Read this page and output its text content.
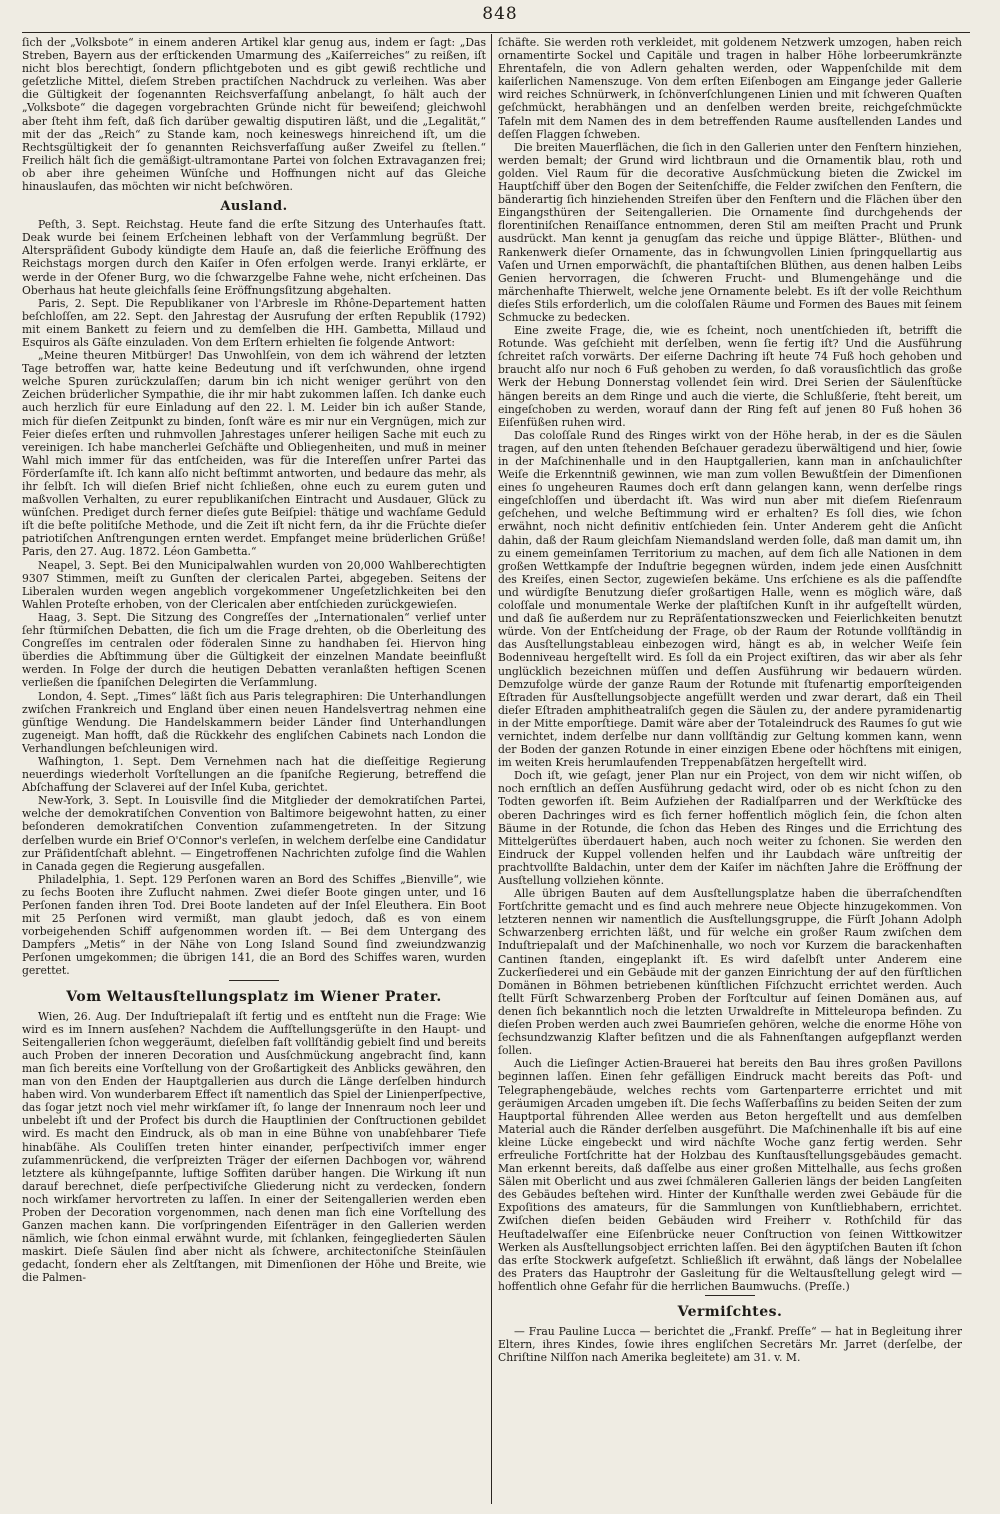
848

ſich der „Volksbote“ in einem anderen Artikel klar genug aus, indem er ſagt: „Das Streben, Bayern aus der erſtickenden Umarmung des „Kaiſerreiches“ zu reißen, iſt nicht blos berechtigt, ſondern pflichtgeboten und es gibt gewiß rechtliche und geſetzliche Mittel, dieſem Streben practiſchen Nachdruck zu verleihen. Was aber die Gültigkeit der ſogenannten Reichsverfaſſung anbelangt, ſo hält auch der „Volksbote“ die dagegen vorgebrachten Gründe nicht für beweiſend; gleichwohl aber ſteht ihm feſt, daß ſich darüber gewaltig disputiren läßt, und die „Legalität,“ mit der das „Reich“ zu Stande kam, noch keineswegs hinreichend iſt, um die Rechtsgültigkeit der ſo genannten Reichsverfaſſung außer Zweifel zu ſtellen.“ Freilich hält ſich die gemäßigt-ultramontane Partei von ſolchen Extravaganzen frei; ob aber ihre geheimen Wünſche und Hoffnungen nicht auf das Gleiche hinauslaufen, das möchten wir nicht beſchwören.

Ausland.

Peſth, 3. Sept. Reichstag. Heute fand die erſte Sitzung des Unterhauſes ſtatt. Deak wurde bei ſeinem Erſcheinen lebhaft von der Verſammlung begrüßt. Der Alterspräſident Gubody kündigte dem Hauſe an, daß die feierliche Eröffnung des Reichstags morgen durch den Kaiſer in Ofen erfolgen werde. Iranyi erklärte, er werde in der Ofener Burg, wo die ſchwarzgelbe Fahne wehe, nicht erſcheinen. Das Oberhaus hat heute gleichfalls ſeine Eröffnungsſitzung abgehalten.

Paris, 2. Sept. Die Republikaner von l'Arbresle im Rhône-Departement hatten beſchloſſen, am 22. Sept. den Jahrestag der Ausrufung der erſten Republik (1792) mit einem Bankett zu feiern und zu demſelben die HH. Gambetta, Millaud und Esquiros als Gäſte einzuladen. Von dem Erſtern erhielten ſie folgende Antwort:

„Meine theuren Mitbürger! Das Unwohlſein, von dem ich während der letzten Tage betroffen war, hatte keine Bedeutung und iſt verſchwunden, ohne irgend welche Spuren zurückzulaſſen; darum bin ich nicht weniger gerührt von den Zeichen brüderlicher Sympathie, die ihr mir habt zukommen laſſen. Ich danke euch auch herzlich für eure Einladung auf den 22. l. M. Leider bin ich außer Stande, mich für dieſen Zeitpunkt zu binden, ſonſt wäre es mir nur ein Vergnügen, mich zur Feier dieſes erſten und ruhmvollen Jahrestages unſerer heiligen Sache mit euch zu vereinigen. Ich habe mancherlei Geſchäfte und Obliegenheiten, und muß in meiner Wahl mich immer für das entſcheiden, was für die Intereſſen unſrer Partei das Förderſamſte iſt. Ich kann alſo nicht beſtimmt antworten, und bedaure das mehr, als ihr ſelbſt. Ich will dieſen Brief nicht ſchließen, ohne euch zu eurem guten und maßvollen Verhalten, zu eurer republikaniſchen Eintracht und Ausdauer, Glück zu wünſchen. Prediget durch ferner dieſes gute Beiſpiel: thätige und wachſame Geduld iſt die beſte politiſche Methode, und die Zeit iſt nicht fern, da ihr die Früchte dieſer patriotiſchen Anſtrengungen ernten werdet. Empfanget meine brüderlichen Grüße! Paris, den 27. Aug. 1872. Léon Gambetta.“

Neapel, 3. Sept. Bei den Municipalwahlen wurden von 20,000 Wahlberechtigten 9307 Stimmen, meiſt zu Gunſten der clericalen Partei, abgegeben. Seitens der Liberalen wurden wegen angeblich vorgekommener Ungeſetzlichkeiten bei den Wahlen Proteſte erhoben, von der Clericalen aber entſchieden zurückgewieſen.

Haag, 3. Sept. Die Sitzung des Congreſſes der „Internationalen“ verlief unter ſehr ſtürmiſchen Debatten, die ſich um die Frage drehten, ob die Oberleitung des Congreſſes im centralen oder föderalen Sinne zu handhaben ſei. Hiervon hing überdies die Abſtimmung über die Gültigkeit der einzelnen Mandate beeinflußt werden. In Folge der durch die heutigen Debatten veranlaßten heftigen Scenen verließen die ſpaniſchen Delegirten die Verſammlung.

London, 4. Sept. „Times“ läßt ſich aus Paris telegraphiren: Die Unterhandlungen zwiſchen Frankreich und England über einen neuen Handelsvertrag nehmen eine günſtige Wendung. Die Handelskammern beider Länder ſind Unterhandlungen zugeneigt. Man hofft, daß die Rückkehr des engliſchen Cabinets nach London die Verhandlungen beſchleunigen wird.

Waſhington, 1. Sept. Dem Vernehmen nach hat die dieſſeitige Regierung neuerdings wiederholt Vorſtellungen an die ſpaniſche Regierung, betreffend die Abſchaffung der Sclaverei auf der Inſel Kuba, gerichtet.

New-York, 3. Sept. In Louisville ſind die Mitglieder der demokratiſchen Partei, welche der demokratiſchen Convention von Baltimore beigewohnt hatten, zu einer beſonderen demokratiſchen Convention zuſammengetreten. In der Sitzung derſelben wurde ein Brief O'Connor's verleſen, in welchem derſelbe eine Candidatur zur Präſidentſchaft ablehnt. — Eingetroffenen Nachrichten zufolge ſind die Wahlen in Canada gegen die Regierung ausgefallen.

Philadelphia, 1. Sept. 129 Perſonen waren an Bord des Schiffes „Bienville“, wie zu ſechs Booten ihre Zuflucht nahmen. Zwei dieſer Boote gingen unter, und 16 Perſonen fanden ihren Tod. Drei Boote landeten auf der Inſel Eleuthera. Ein Boot mit 25 Perſonen wird vermißt, man glaubt jedoch, daß es von einem vorbeigehenden Schiff aufgenommen worden iſt. — Bei dem Untergang des Dampfers „Metis“ in der Nähe von Long Island Sound ſind zweiundzwanzig Perſonen umgekommen; die übrigen 141, die an Bord des Schiffes waren, wurden gerettet.

Vom Weltausſtellungsplatz im Wiener Prater.

Wien, 26. Aug. Der Induſtriepalaſt iſt fertig und es entſteht nun die Frage: Wie wird es im Innern ausſehen? Nachdem die Aufſtellungsgerüſte in den Haupt- und Seitengallerien ſchon weggeräumt, dieſelben faſt vollſtändig gebielt ſind und bereits auch Proben der inneren Decoration und Ausſchmückung angebracht ſind, kann man ſich bereits eine Vorſtellung von der Großartigkeit des Anblicks gewähren, den man von den Enden der Hauptgallerien aus durch die Länge derſelben hindurch haben wird. Von wunderbarem Effect iſt namentlich das Spiel der Linienperſpective, das ſogar jetzt noch viel mehr wirkſamer iſt, ſo lange der Innenraum noch leer und unbelebt iſt und der Profect bis durch die Hauptlinien der Conſtructionen gebildet wird. Es macht den Eindruck, als ob man in eine Bühne von unabſehbarer Tiefe hinabſähe. Als Couliſſen treten hinter einander, perſpectiviſch immer enger zuſammenrückend, die verſpreizten Träger der eiſernen Dachbogen vor, während letztere als kühngeſpannte, luftige Soffiten darüber hangen. Die Wirkung iſt nun darauf berechnet, dieſe perſpectiviſche Gliederung nicht zu verdecken, ſondern noch wirkſamer hervortreten zu laſſen. In einer der Seitengallerien werden eben Proben der Decoration vorgenommen, nach denen man ſich eine Vorſtellung des Ganzen machen kann. Die vorſpringenden Eiſenträger in den Gallerien werden nämlich, wie ſchon einmal erwähnt wurde, mit ſchlanken, feingegliederten Säulen maskirt. Dieſe Säulen ſind aber nicht als ſchwere, architectoniſche Steinſäulen gedacht, ſondern eher als Zeltſtangen, mit Dimenſionen der Höhe und Breite, wie die Palmen-

ſchäfte. Sie werden roth verkleidet, mit goldenem Netzwerk umzogen, haben reich ornamentirte Sockel und Capitäle und tragen in halber Höhe lorbeerumkränzte Ehrentafeln, die von Adlern gehalten werden, oder Wappenſchilde mit dem kaiſerlichen Namenszuge. Von dem erſten Eiſenbogen am Eingange jeder Gallerie wird reiches Schnürwerk, in ſchönverſchlungenen Linien und mit ſchweren Quaſten geſchmückt, herabhängen und an denſelben werden breite, reichgeſchmückte Tafeln mit dem Namen des in dem betreffenden Raume ausſtellenden Landes und deſſen Flaggen ſchweben.

Die breiten Mauerflächen, die ſich in den Gallerien unter den Fenſtern hinziehen, werden bemalt; der Grund wird lichtbraun und die Ornamentik blau, roth und golden. Viel Raum für die decorative Ausſchmückung bieten die Zwickel im Hauptſchiff über den Bogen der Seitenſchiffe, die Felder zwiſchen den Fenſtern, die bänderartig ſich hinziehenden Streifen über den Fenſtern und die Flächen über den Eingangsthüren der Seitengallerien. Die Ornamente ſind durchgehends der florentiniſchen Renaiſſance entnommen, deren Stil am meiſten Pracht und Prunk ausdrückt. Man kennt ja genugſam das reiche und üppige Blätter-, Blüthen- und Rankenwerk dieſer Ornamente, das in ſchwungvollen Linien ſpringquellartig aus Vaſen und Urnen emporwächſt, die phantaſtiſchen Blüthen, aus denen halben Leibs Genien hervorragen, die ſchweren Frucht- und Blumengehänge und die märchenhafte Thierwelt, welche jene Ornamente belebt. Es iſt der volle Reichthum dieſes Stils erforderlich, um die coloſſalen Räume und Formen des Baues mit ſeinem Schmucke zu bedecken.

Eine zweite Frage, die, wie es ſcheint, noch unentſchieden iſt, betrifft die Rotunde. Was geſchieht mit derſelben, wenn ſie fertig iſt? Und die Ausführung ſchreitet raſch vorwärts. Der eiſerne Dachring iſt heute 74 Fuß hoch gehoben und braucht alſo nur noch 6 Fuß gehoben zu werden, ſo daß vorausſichtlich das große Werk der Hebung Donnerstag vollendet ſein wird. Drei Serien der Säulenſtücke hängen bereits an dem Ringe und auch die vierte, die Schlußſerie, ſteht bereit, um eingeſchoben zu werden, worauf dann der Ring feſt auf jenen 80 Fuß hohen 36 Eiſenfüßen ruhen wird.

Das coloſſale Rund des Ringes wirkt von der Höhe herab, in der es die Säulen tragen, auf den unten ſtehenden Beſchauer geradezu überwältigend und hier, ſowie in der Maſchinenhalle und in den Hauptgallerien, kann man in anſchaulichſter Weiſe die Erkenntniß gewinnen, wie man zum vollen Bewußtſein der Dimenſionen eines ſo ungeheuren Raumes doch erſt dann gelangen kann, wenn derſelbe rings eingeſchloſſen und überdacht iſt. Was wird nun aber mit dieſem Rieſenraum geſchehen, und welche Beſtimmung wird er erhalten? Es ſoll dies, wie ſchon erwähnt, noch nicht definitiv entſchieden ſein. Unter Anderem geht die Anſicht dahin, daß der Raum gleichſam Niemandsland werden ſolle, daß man damit um, ihn zu einem gemeinſamen Territorium zu machen, auf dem ſich alle Nationen in dem großen Wettkampfe der Induſtrie begegnen würden, indem jede einen Ausſchnitt des Kreiſes, einen Sector, zugewieſen bekäme. Uns erſchiene es als die paſſendſte und würdigſte Benutzung dieſer großartigen Halle, wenn es möglich wäre, daß coloſſale und monumentale Werke der plaſtiſchen Kunſt in ihr aufgeſtellt würden, und daß ſie außerdem nur zu Repräſentationszwecken und Feierlichkeiten benutzt würde. Von der Entſcheidung der Frage, ob der Raum der Rotunde vollſtändig in das Ausſtellungstableau einbezogen wird, hängt es ab, in welcher Weiſe ſein Bodenniveau hergeſtellt wird. Es ſoll da ein Project exiſtiren, das wir aber als ſehr unglücklich bezeichnen müſſen und deſſen Ausführung wir bedauern würden. Demzufolge würde der ganze Raum der Rotunde mit ſtufenartig emporſteigenden Eſtraden für Ausſtellungsobjecte angefüllt werden und zwar derart, daß ein Theil dieſer Eſtraden amphitheatraliſch gegen die Säulen zu, der andere pyramidenartig in der Mitte emporſtiege. Damit wäre aber der Totaleindruck des Raumes ſo gut wie vernichtet, indem derſelbe nur dann vollſtändig zur Geltung kommen kann, wenn der Boden der ganzen Rotunde in einer einzigen Ebene oder höchſtens mit einigen, im weiten Kreis herumlaufenden Treppenabſätzen hergeſtellt wird.

Doch iſt, wie geſagt, jener Plan nur ein Project, von dem wir nicht wiſſen, ob noch ernſtlich an deſſen Ausführung gedacht wird, oder ob es nicht ſchon zu den Todten geworfen iſt. Beim Aufziehen der Radialſparren und der Werkſtücke des oberen Dachringes wird es ſich ferner hoffentlich möglich ſein, die ſchon alten Bäume in der Rotunde, die ſchon das Heben des Ringes und die Errichtung des Mittelgerüſtes überdauert haben, auch noch weiter zu ſchonen. Sie werden den Eindruck der Kuppel vollenden helfen und ihr Laubdach wäre unſtreitig der prachtvollſte Baldachin, unter dem der Kaiſer im nächſten Jahre die Eröffnung der Ausſtellung vollziehen könnte.

Alle übrigen Bauten auf dem Ausſtellungsplatze haben die überraſchendſten Fortſchritte gemacht und es ſind auch mehrere neue Objecte hinzugekommen. Von letzteren nennen wir namentlich die Ausſtellungsgruppe, die Fürſt Johann Adolph Schwarzenberg errichten läßt, und für welche ein großer Raum zwiſchen dem Induſtriepalaſt und der Maſchinenhalle, wo noch vor Kurzem die barackenhaften Cantinen ſtanden, eingeplankt iſt. Es wird daſelbſt unter Anderem eine Zuckerſiederei und ein Gebäude mit der ganzen Einrichtung der auf den fürſtlichen Domänen in Böhmen betriebenen künſtlichen Fiſchzucht errichtet werden. Auch ſtellt Fürſt Schwarzenberg Proben der Forſtcultur auf ſeinen Domänen aus, auf denen ſich bekanntlich noch die letzten Urwaldreſte in Mitteleuropa befinden. Zu dieſen Proben werden auch zwei Baumrieſen gehören, welche die enorme Höhe von ſechsundzwanzig Klafter beſitzen und die als Fahnenſtangen aufgepflanzt werden ſollen.

Auch die Lieſinger Actien-Brauerei hat bereits den Bau ihres großen Pavillons beginnen laſſen. Einen ſehr gefälligen Eindruck macht bereits das Poſt- und Telegraphengebäude, welches rechts vom Gartenparterre errichtet und mit geräumigen Arcaden umgeben iſt. Die ſechs Waſſerbaſſins zu beiden Seiten der zum Hauptportal führenden Allee werden aus Beton hergeſtellt und aus demſelben Material auch die Ränder derſelben ausgeführt. Die Maſchinenhalle iſt bis auf eine kleine Lücke eingebeckt und wird nächſte Woche ganz fertig werden. Sehr erfreuliche Fortſchritte hat der Holzbau des Kunſtausſtellungsgebäudes gemacht. Man erkennt bereits, daß daſſelbe aus einer großen Mittelhalle, aus ſechs großen Sälen mit Oberlicht und aus zwei ſchmäleren Gallerien längs der beiden Langſeiten des Gebäudes beſtehen wird. Hinter der Kunſthalle werden zwei Gebäude für die Expoſitions des amateurs, für die Sammlungen von Kunſtliebhabern, errichtet. Zwiſchen dieſen beiden Gebäuden wird Freiherr v. Rothſchild für das Heuſtadelwaſſer eine Eiſenbrücke neuer Conſtruction von ſeinen Wittkowitzer Werken als Ausſtellungsobject errichten laſſen. Bei den ägyptiſchen Bauten iſt ſchon das erſte Stockwerk aufgeſetzt. Schließlich iſt erwähnt, daß längs der Nobelallee des Praters das Hauptrohr der Gasleitung für die Weltausſtellung gelegt wird — hoffentlich ohne Gefahr für die herrlichen Baumwuchs. (Preſſe.)

Vermiſchtes.

— Frau Pauline Lucca — berichtet die „Frankf. Preſſe“ — hat in Begleitung ihrer Eltern, ihres Kindes, ſowie ihres engliſchen Secretärs Mr. Jarret (derſelbe, der Chriſtine Nilſſon nach Amerika begleitete) am 31. v. M.
